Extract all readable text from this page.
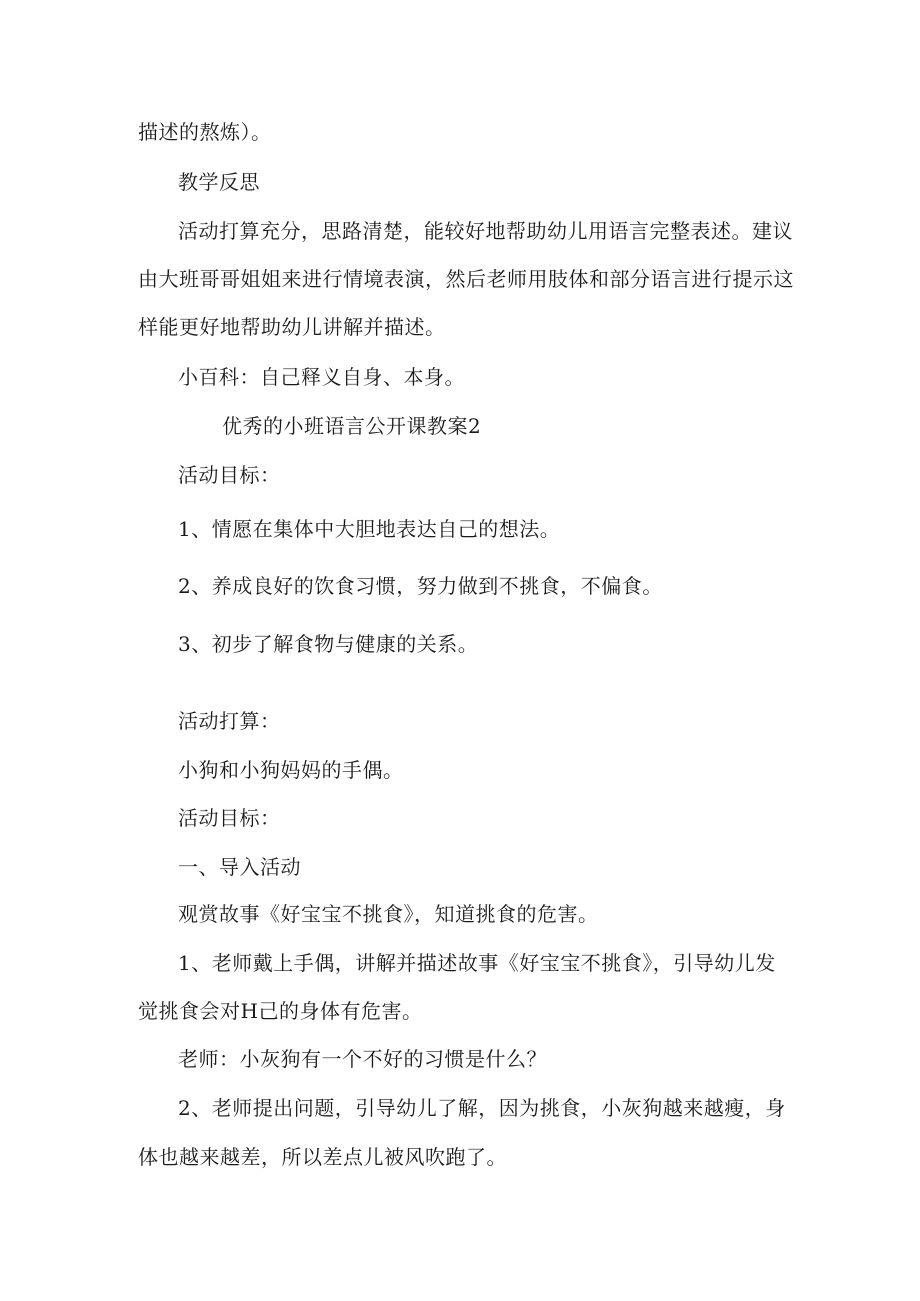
描述的熬炼）。

教学反思

活动打算充分，思路清楚，能较好地帮助幼儿用语言完整表述。建议

由大班哥哥姐姐来进行情境表演，然后老师用肢体和部分语言进行提示这

样能更好地帮助幼儿讲解并描述。

小百科：自己释义自身、本身。

优秀的小班语言公开课教案2

活动目标：

1、情愿在集体中大胆地表达自己的想法。

2、养成良好的饮食习惯，努力做到不挑食，不偏食。

3、初步了解食物与健康的关系。

活动打算：

小狗和小狗妈妈的手偶。

活动目标：

一、导入活动

观赏故事《好宝宝不挑食》，知道挑食的危害。

1、老师戴上手偶，讲解并描述故事《好宝宝不挑食》，引导幼儿发

觉挑食会对H己的身体有危害。

老师：小灰狗有一个不好的习惯是什么？

2、老师提出问题，引导幼儿了解，因为挑食，小灰狗越来越瘦，身

体也越来越差，所以差点儿被风吹跑了。
